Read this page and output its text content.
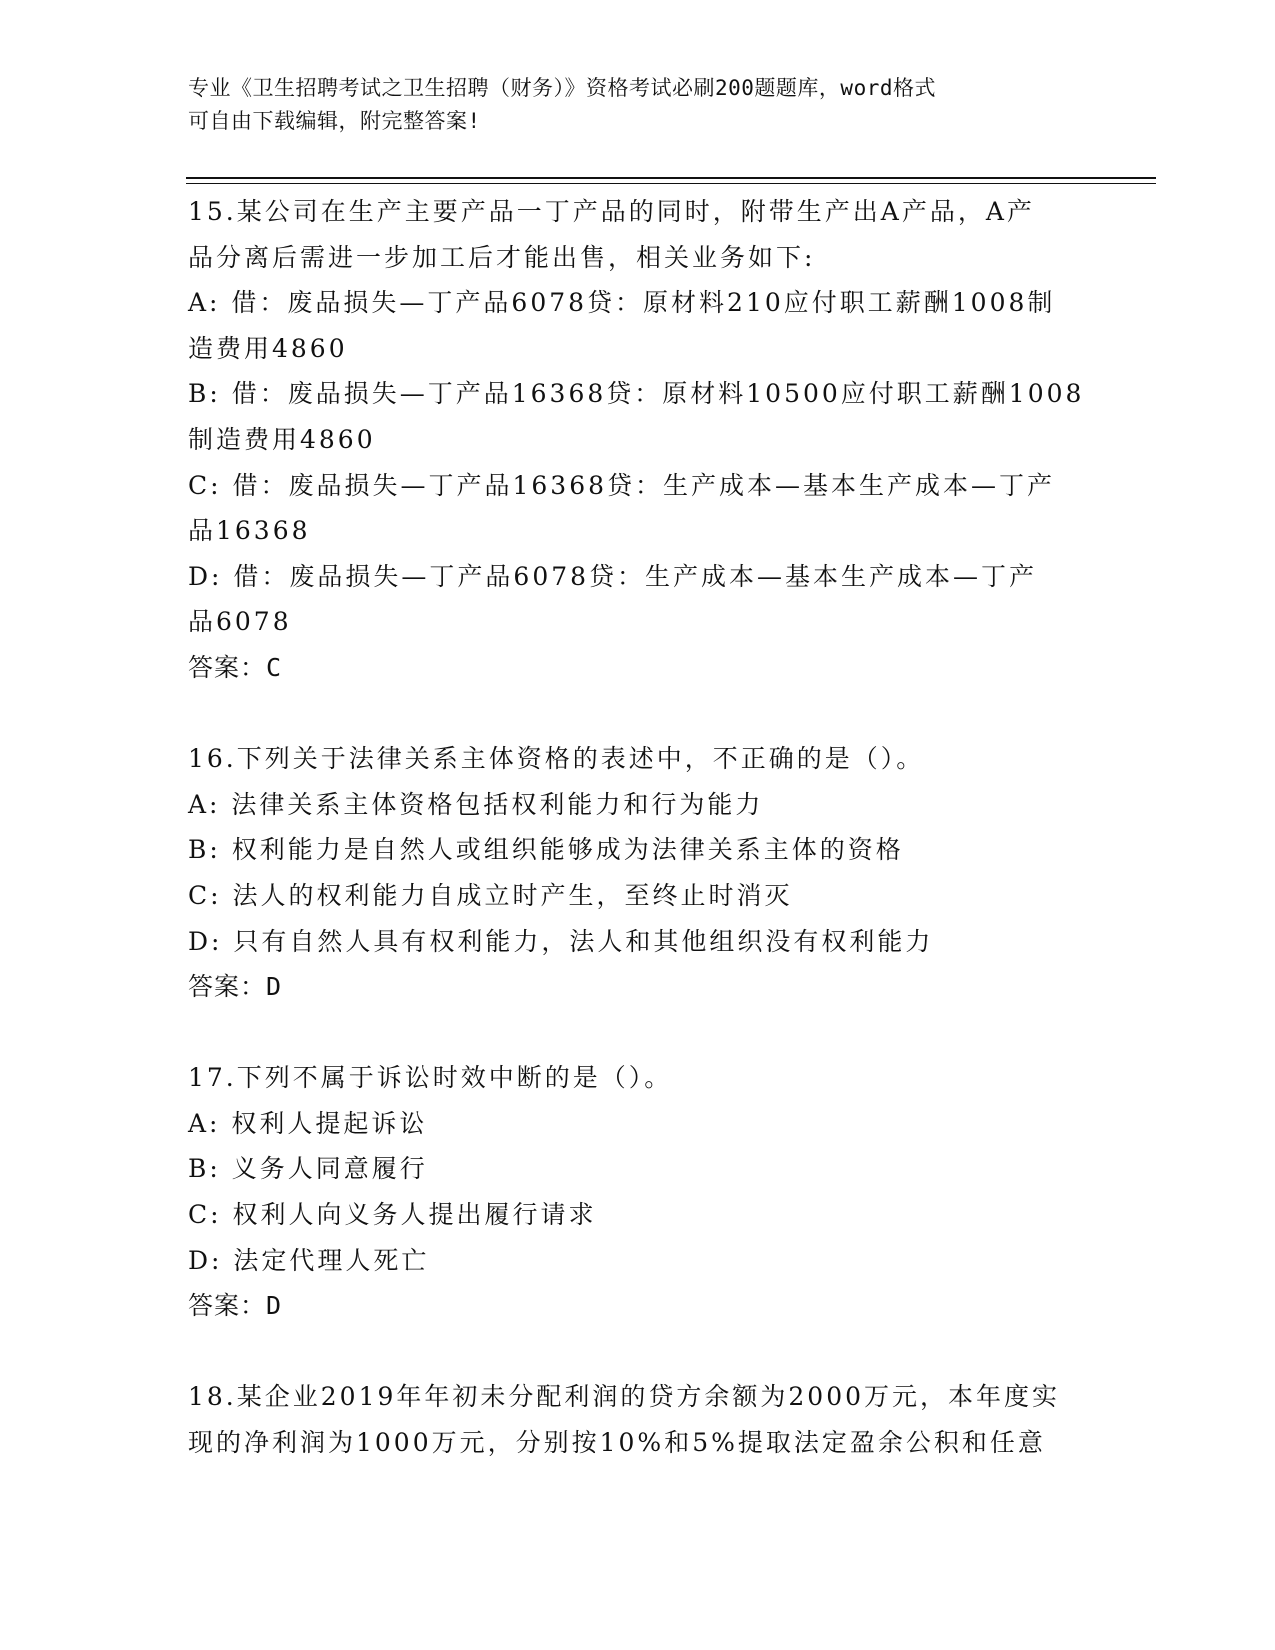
专业《卫生招聘考试之卫生招聘（财务）》资格考试必刷200题题库，word格式
可自由下载编辑，附完整答案!
15.某公司在生产主要产品一丁产品的同时，附带生产出A产品，A产
品分离后需进一步加工后才能出售，相关业务如下:
A: 借：废品损失—丁产品6078贷：原材料210应付职工薪酬1008制
造费用4860
B: 借：废品损失—丁产品16368贷：原材料10500应付职工薪酬1008
制造费用4860
C: 借：废品损失—丁产品16368贷：生产成本—基本生产成本—丁产
品16368
D: 借：废品损失—丁产品6078贷：生产成本—基本生产成本—丁产
品6078
答案：C
16.下列关于法律关系主体资格的表述中，不正确的是（）。
A: 法律关系主体资格包括权利能力和行为能力
B: 权利能力是自然人或组织能够成为法律关系主体的资格
C: 法人的权利能力自成立时产生，至终止时消灭
D: 只有自然人具有权利能力，法人和其他组织没有权利能力
答案：D
17.下列不属于诉讼时效中断的是（）。
A: 权利人提起诉讼
B: 义务人同意履行
C: 权利人向义务人提出履行请求
D: 法定代理人死亡
答案：D
18.某企业2019年年初未分配利润的贷方余额为2000万元，本年度实
现的净利润为1000万元，分别按10%和5%提取法定盈余公积和任意
